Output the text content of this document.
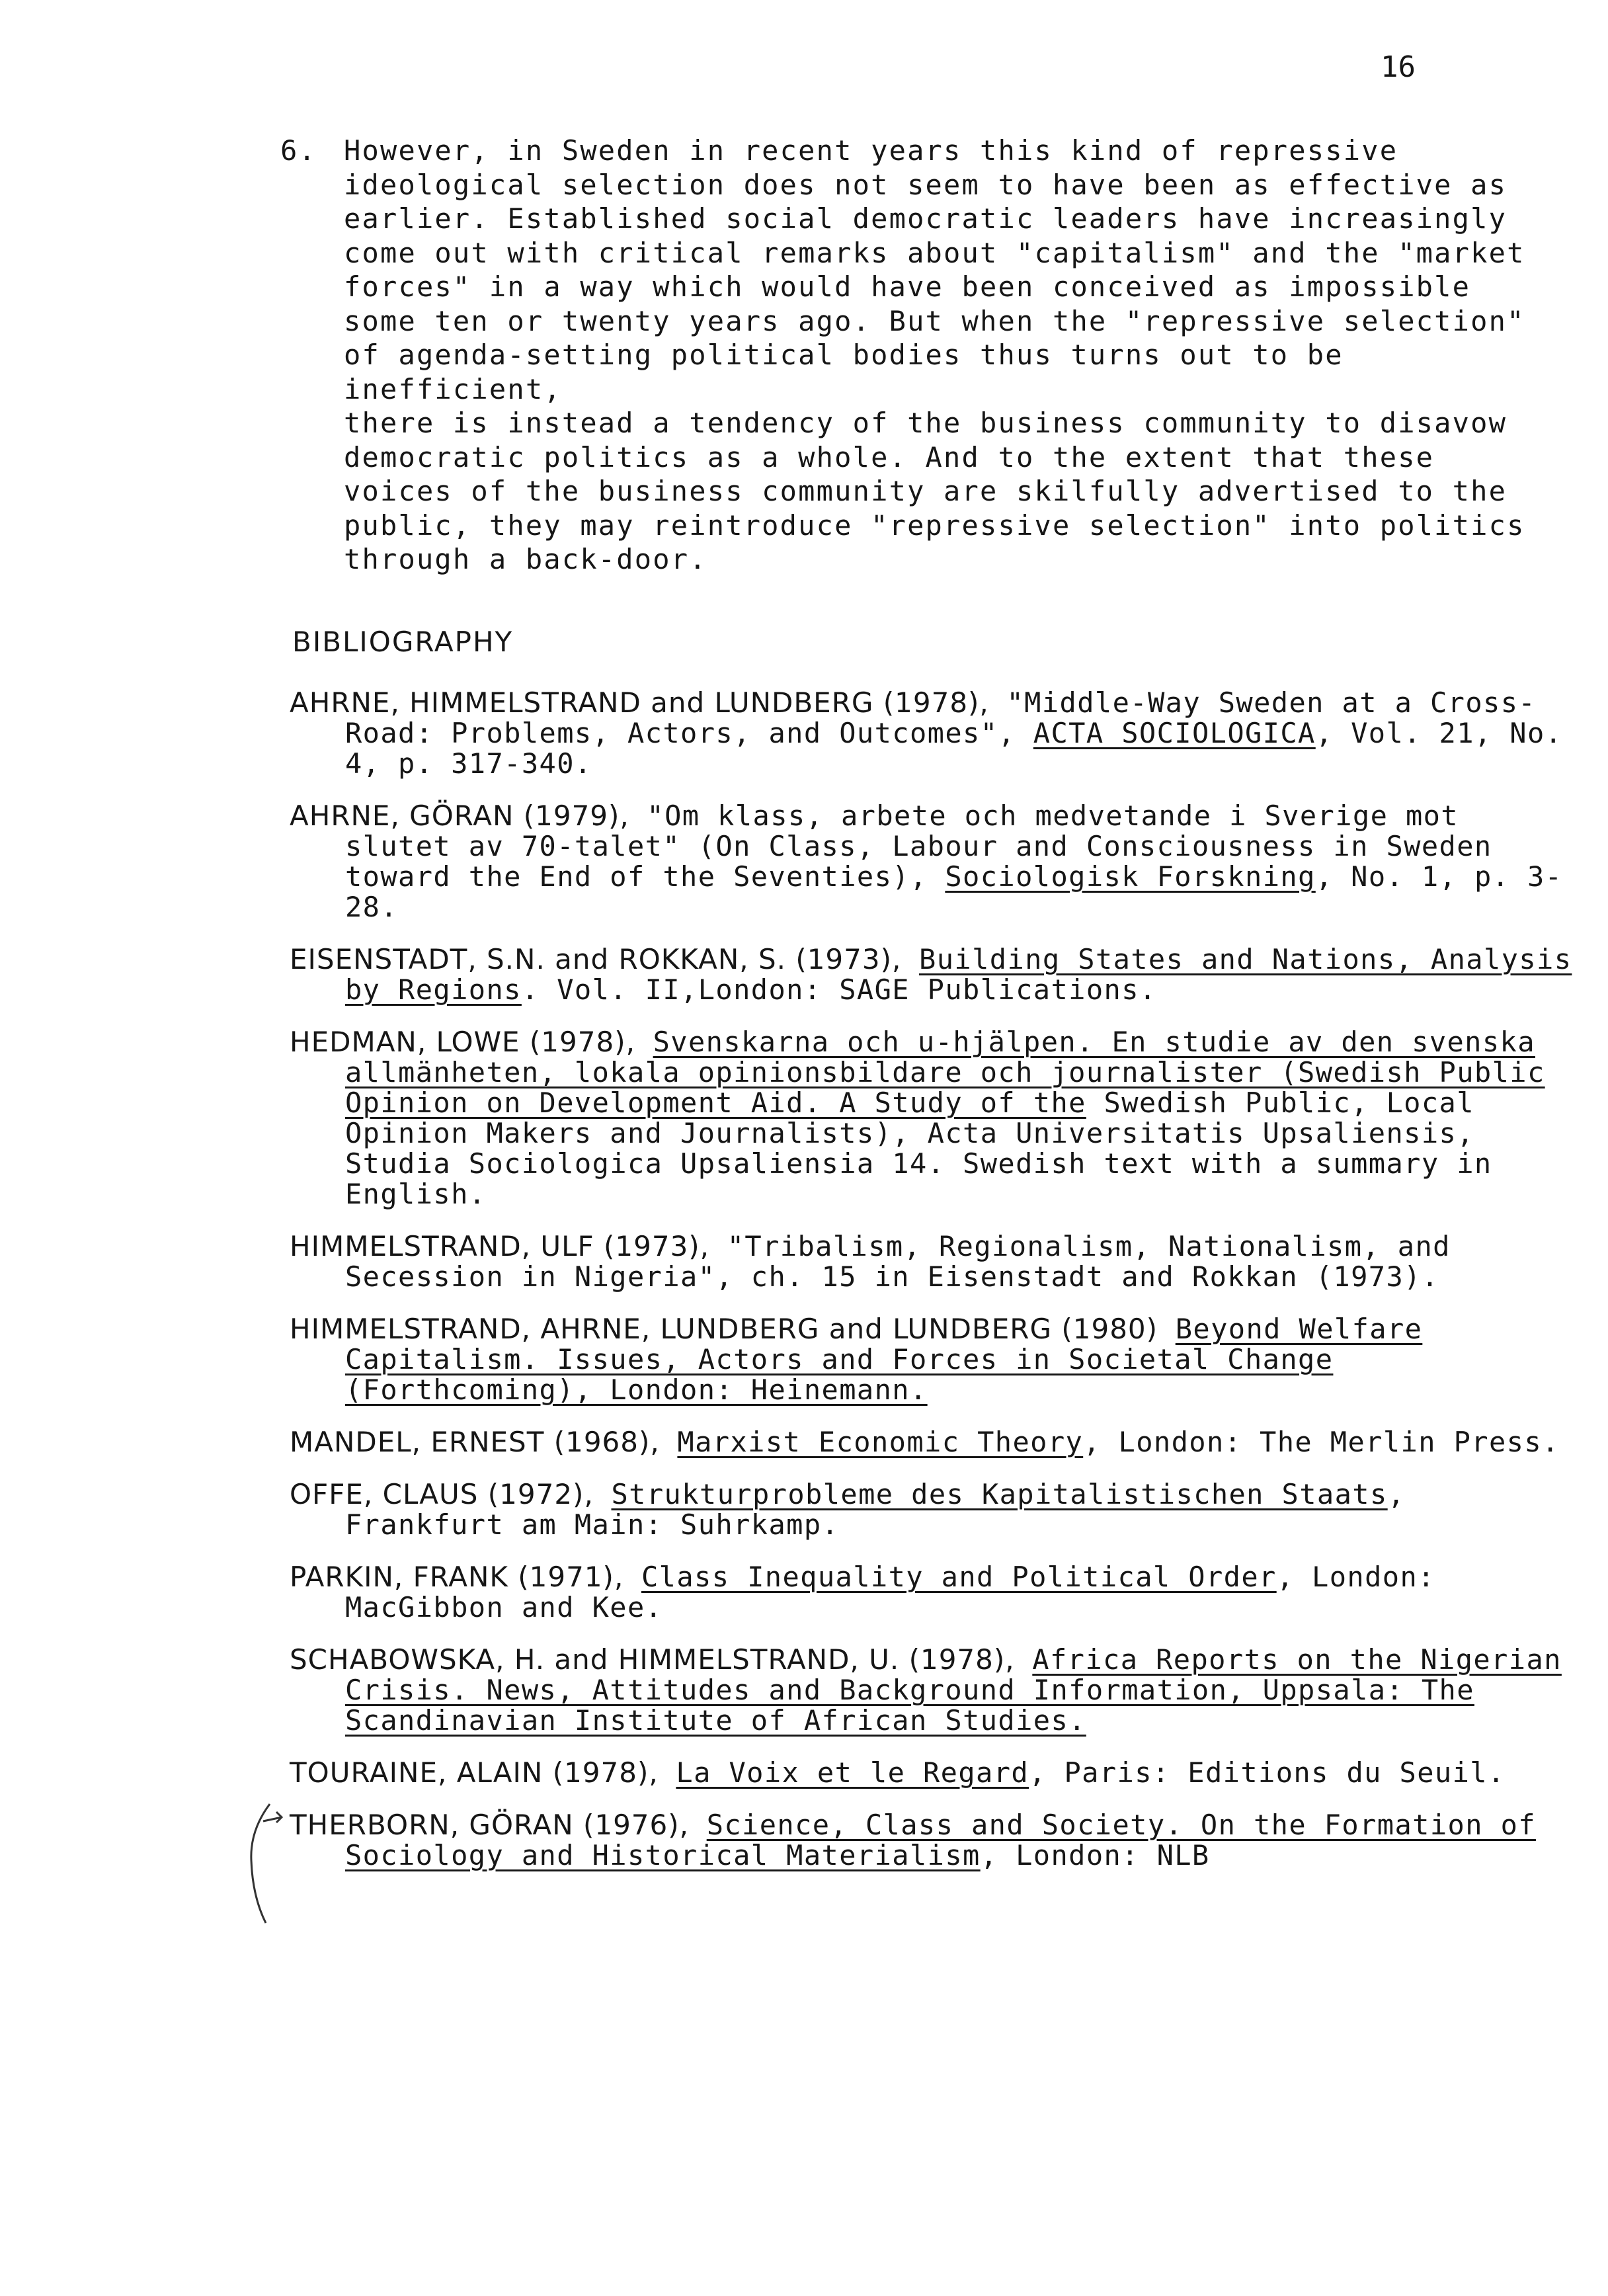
16
6. However, in Sweden in recent years this kind of repressive
ideological selection does not seem to have been as effective as
earlier. Established social democratic leaders have increasingly
come out with critical remarks about "capitalism" and the "market
forces" in a way which would have been conceived as impossible
some ten or twenty years ago. But when the "repressive selection"
of agenda-setting political bodies thus turns out to be inefficient,
there is instead a tendency of the business community to disavow
democratic politics as a whole. And to the extent that these
voices of the business community are skilfully advertised to the
public, they may reintroduce "repressive selection" into politics
through a back-door.
BIBLIOGRAPHY
AHRNE, HIMMELSTRAND and LUNDBERG (1978), "Middle-Way Sweden at a Cross-Road: Problems, Actors, and Outcomes", ACTA SOCIOLOGICA, Vol. 21, No. 4, p. 317-340.
AHRNE, GÖRAN (1979), "Om klass, arbete och medvetande i Sverige mot slutet av 70-talet" (On Class, Labour and Consciousness in Sweden toward the End of the Seventies), Sociologisk Forskning, No. 1, p. 3-28.
EISENSTADT, S.N. and ROKKAN, S. (1973), Building States and Nations, Analysis by Regions. Vol. II,London: SAGE Publications.
HEDMAN, LOWE (1978), Svenskarna och u-hjälpen. En studie av den svenska allmänheten, lokala opinionsbildare och journalister (Swedish Public Opinion on Development Aid. A Study of the Swedish Public, Local Opinion Makers and Journalists), Acta Universitatis Upsaliensis, Studia Sociologica Upsaliensia 14. Swedish text with a summary in English.
HIMMELSTRAND, ULF (1973), "Tribalism, Regionalism, Nationalism, and Secession in Nigeria", ch. 15 in Eisenstadt and Rokkan (1973).
HIMMELSTRAND, AHRNE, LUNDBERG and LUNDBERG (1980) Beyond Welfare Capitalism. Issues, Actors and Forces in Societal Change (Forthcoming), London: Heinemann.
MANDEL, ERNEST (1968), Marxist Economic Theory, London: The Merlin Press.
OFFE, CLAUS (1972), Strukturprobleme des Kapitalistischen Staats, Frankfurt am Main: Suhrkamp.
PARKIN, FRANK (1971), Class Inequality and Political Order, London: MacGibbon and Kee.
SCHABOWSKA, H. and HIMMELSTRAND, U. (1978), Africa Reports on the Nigerian Crisis. News, Attitudes and Background Information, Uppsala: The Scandinavian Institute of African Studies.
TOURAINE, ALAIN (1978), La Voix et le Regard, Paris: Editions du Seuil.
THERBORN, GÖRAN (1976), Science, Class and Society. On the Formation of Sociology and Historical Materialism, London: NLB
